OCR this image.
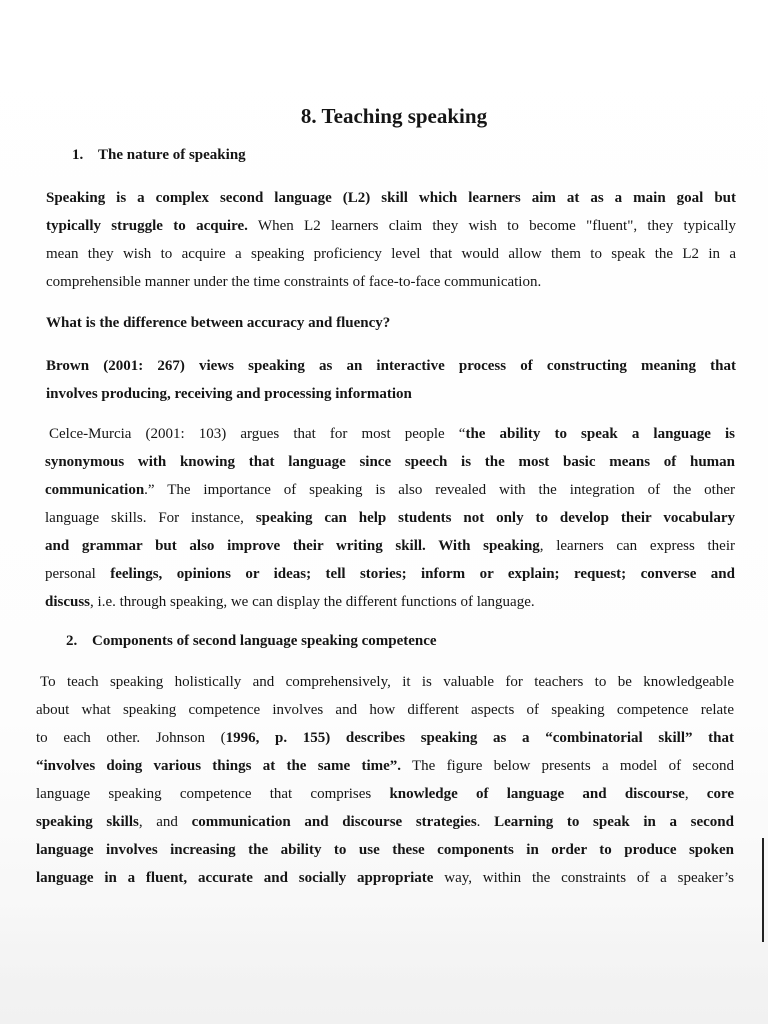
8. Teaching speaking
1. The nature of speaking
Speaking is a complex second language (L2) skill which learners aim at as a main goal but
typically struggle to acquire. When L2 learners claim they wish to become "fluent", they typically
mean they wish to acquire a speaking proficiency level that would allow them to speak the L2 in a
comprehensible manner under the time constraints of face-to-face communication.
What is the difference between accuracy and fluency?
Brown (2001: 267) views speaking as an interactive process of constructing meaning that
involves producing, receiving and processing information
Celce-Murcia (2001: 103) argues that for most people “the ability to speak a language is
synonymous with knowing that language since speech is the most basic means of human
communication.” The importance of speaking is also revealed with the integration of the other
language skills. For instance, speaking can help students not only to develop their vocabulary
and grammar but also improve their writing skill. With speaking, learners can express their
personal feelings, opinions or ideas; tell stories; inform or explain; request; converse and
discuss, i.e. through speaking, we can display the different functions of language.
2. Components of second language speaking competence
To teach speaking holistically and comprehensively, it is valuable for teachers to be knowledgeable
about what speaking competence involves and how different aspects of speaking competence relate
to each other. Johnson (1996, p. 155) describes speaking as a “combinatorial skill” that
“involves doing various things at the same time”. The figure below presents a model of second
language speaking competence that comprises knowledge of language and discourse, core
speaking skills, and communication and discourse strategies. Learning to speak in a second
language involves increasing the ability to use these components in order to produce spoken
language in a fluent, accurate and socially appropriate way, within the constraints of a speaker’s
